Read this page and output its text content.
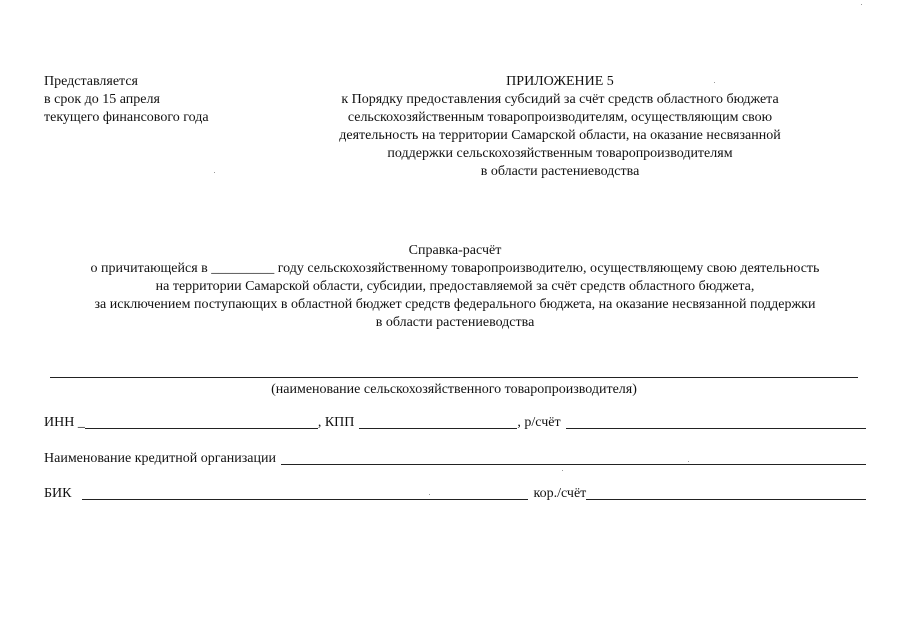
Представляется
в срок до 15 апреля
текущего финансового года
ПРИЛОЖЕНИЕ 5
к Порядку предоставления субсидий за счёт средств областного бюджета
сельскохозяйственным товаропроизводителям, осуществляющим свою
деятельность на территории Самарской области, на оказание несвязанной
поддержки сельскохозяйственным товаропроизводителям
в области растениеводства
Справка-расчёт
о причитающейся в _________ году сельскохозяйственному товаропроизводителю, осуществляющему свою деятельность
на территории Самарской области, субсидии, предоставляемой за счёт средств областного бюджета,
за исключением поступающих в областной бюджет средств федерального бюджета, на оказание несвязанной поддержки
в области растениеводства
(наименование сельскохозяйственного товаропроизводителя)
ИНН _	, КПП	, р/счёт
Наименование кредитной организации
БИК	кор./счёт
